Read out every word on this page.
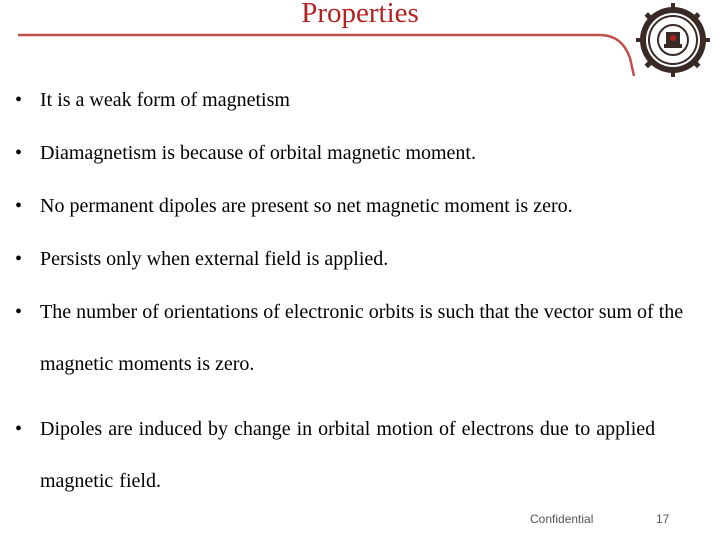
Properties
• It is a weak form of magnetism
• Diamagnetism is because of orbital magnetic moment.
• No permanent dipoles are present so net magnetic moment is zero.
• Persists only when external field is applied.
• The number of orientations of electronic orbits is such that the vector sum of the magnetic moments is zero.
• Dipoles are induced by change in orbital motion of electrons due to applied magnetic field.
Confidential	17
